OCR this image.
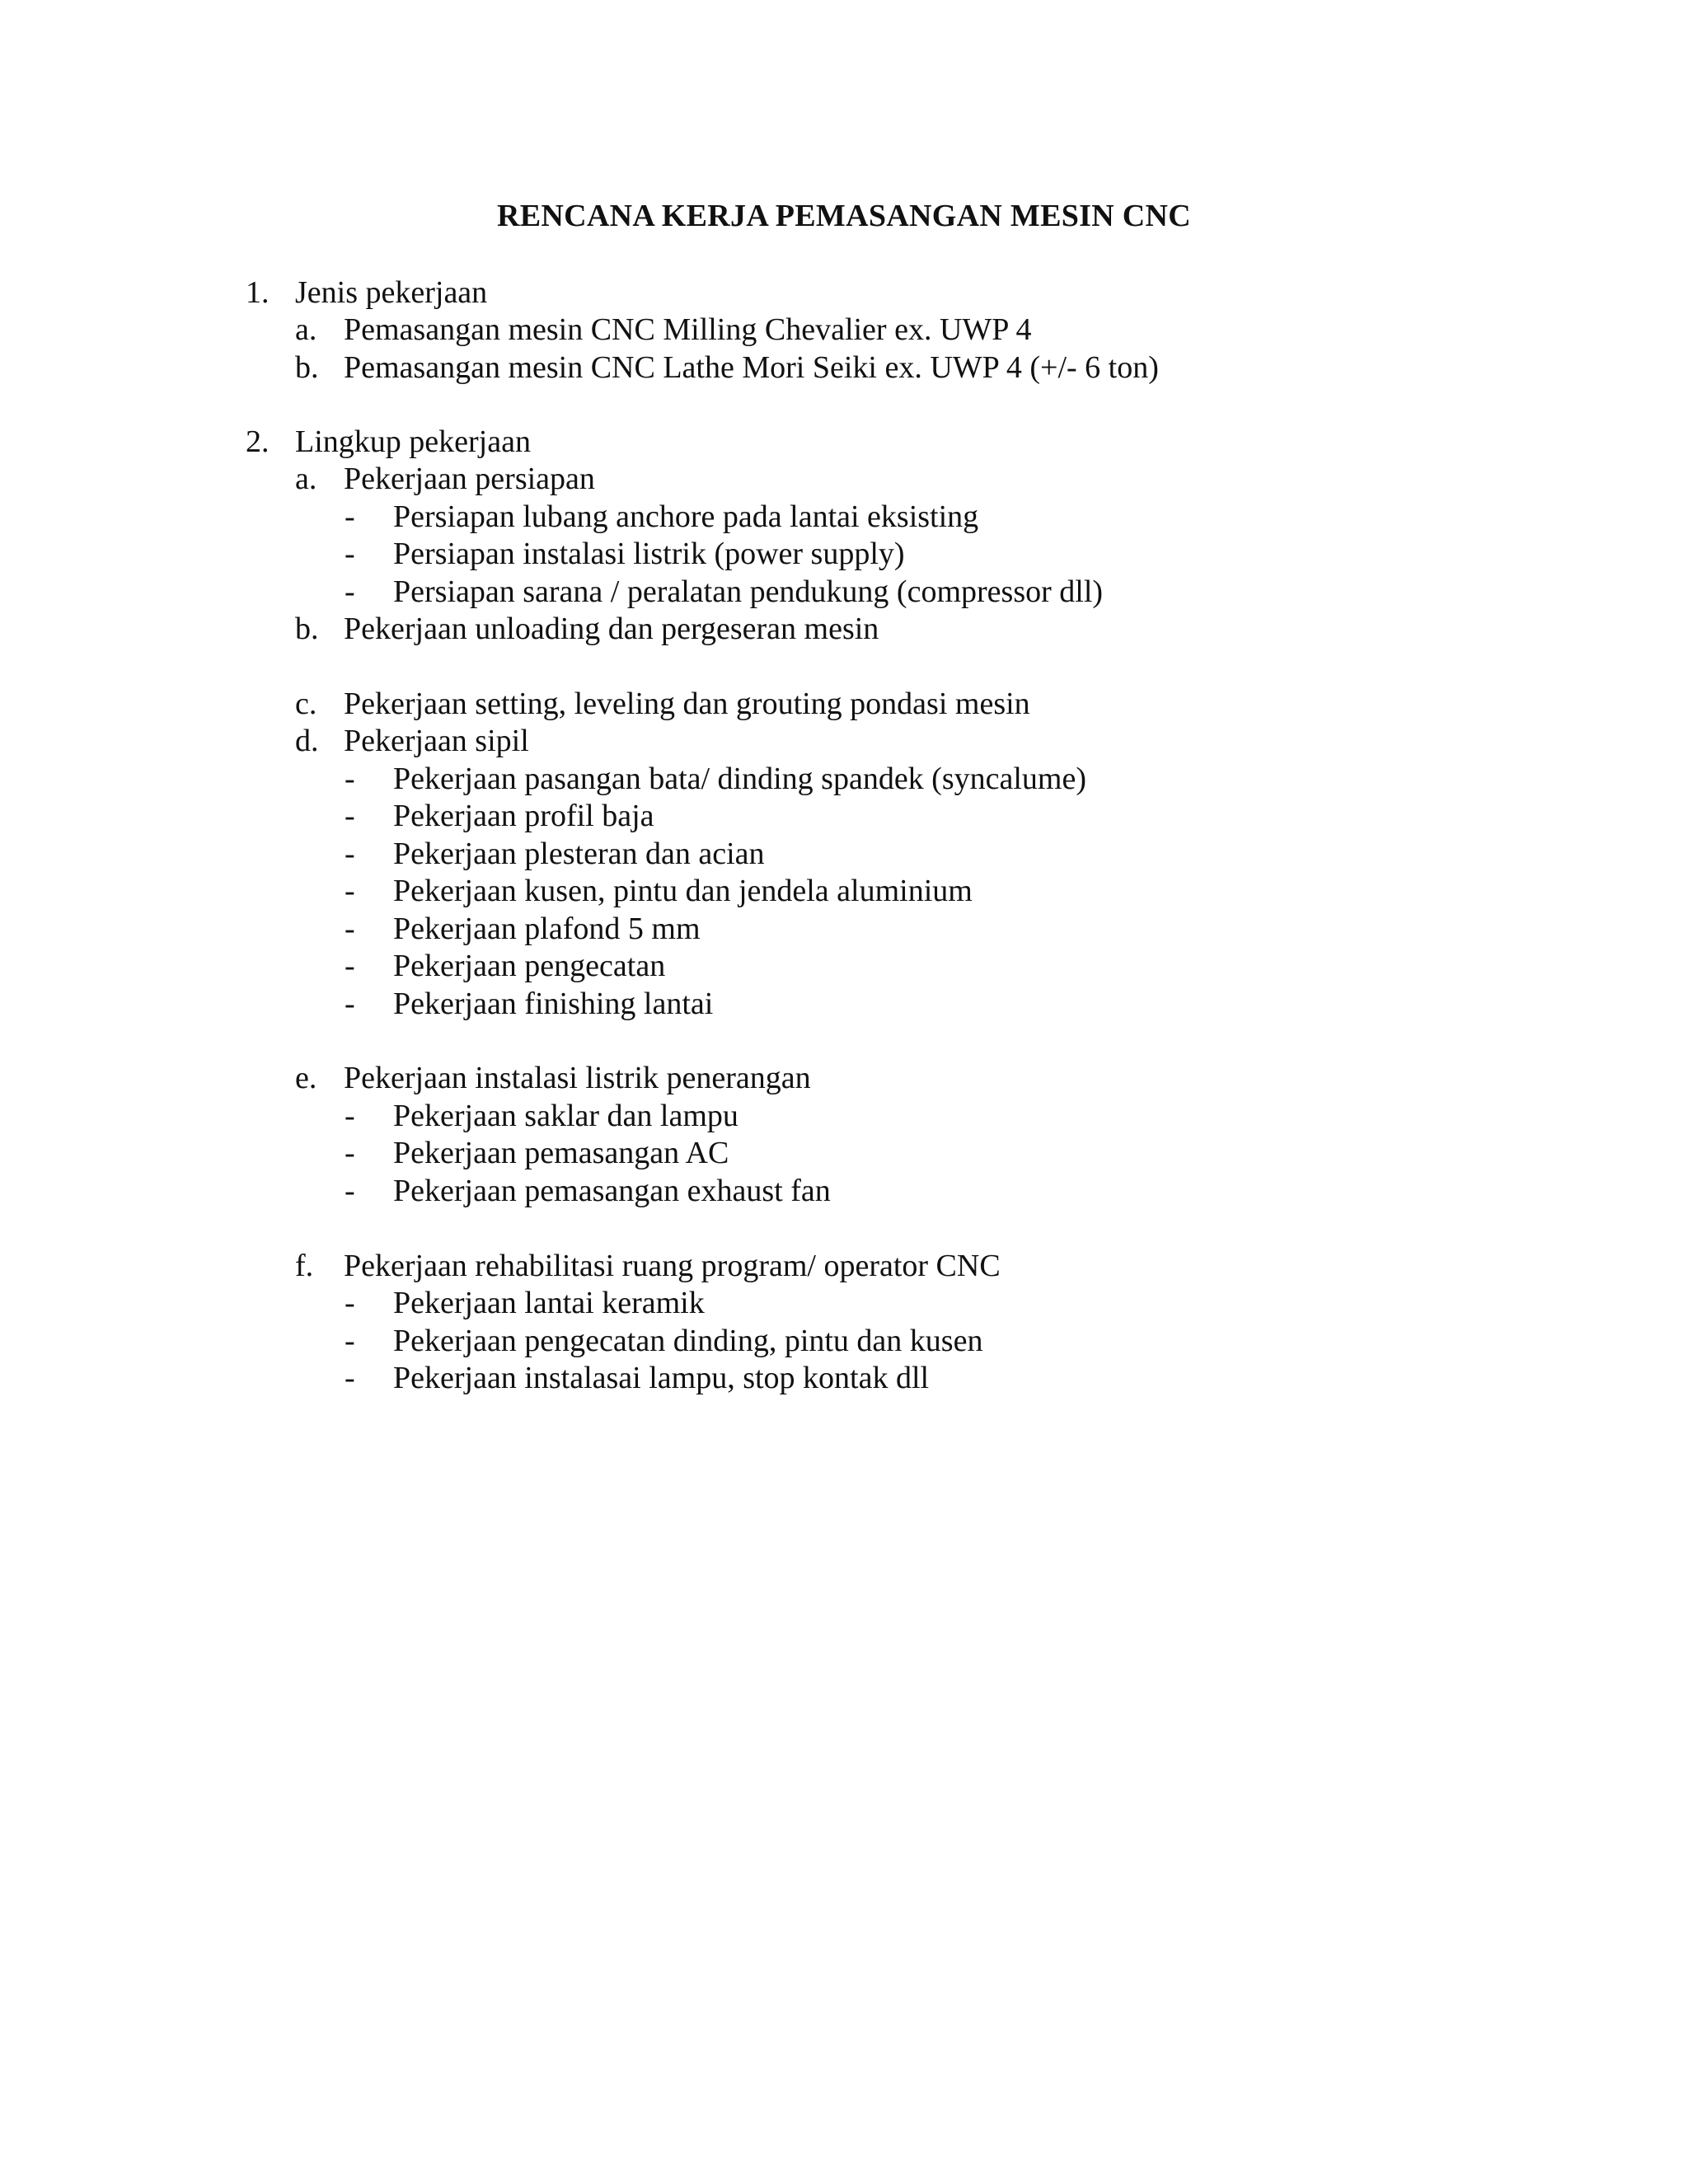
RENCANA KERJA PEMASANGAN MESIN CNC
1. Jenis pekerjaan
a. Pemasangan mesin CNC Milling Chevalier ex. UWP 4
b. Pemasangan mesin CNC Lathe Mori Seiki ex. UWP 4 (+/- 6 ton)
2. Lingkup pekerjaan
a. Pekerjaan persiapan
- Persiapan lubang anchore pada lantai eksisting
- Persiapan instalasi listrik (power supply)
- Persiapan sarana / peralatan pendukung (compressor dll)
b. Pekerjaan unloading dan pergeseran mesin
c. Pekerjaan setting, leveling dan grouting pondasi mesin
d. Pekerjaan sipil
- Pekerjaan pasangan bata/ dinding spandek (syncalume)
- Pekerjaan profil baja
- Pekerjaan plesteran dan acian
- Pekerjaan kusen, pintu dan jendela aluminium
- Pekerjaan plafond 5 mm
- Pekerjaan pengecatan
- Pekerjaan finishing lantai
e. Pekerjaan instalasi listrik penerangan
- Pekerjaan saklar dan lampu
- Pekerjaan pemasangan AC
- Pekerjaan pemasangan exhaust fan
f. Pekerjaan rehabilitasi ruang program/ operator CNC
- Pekerjaan lantai keramik
- Pekerjaan pengecatan dinding, pintu dan kusen
- Pekerjaan instalasai lampu, stop kontak dll
